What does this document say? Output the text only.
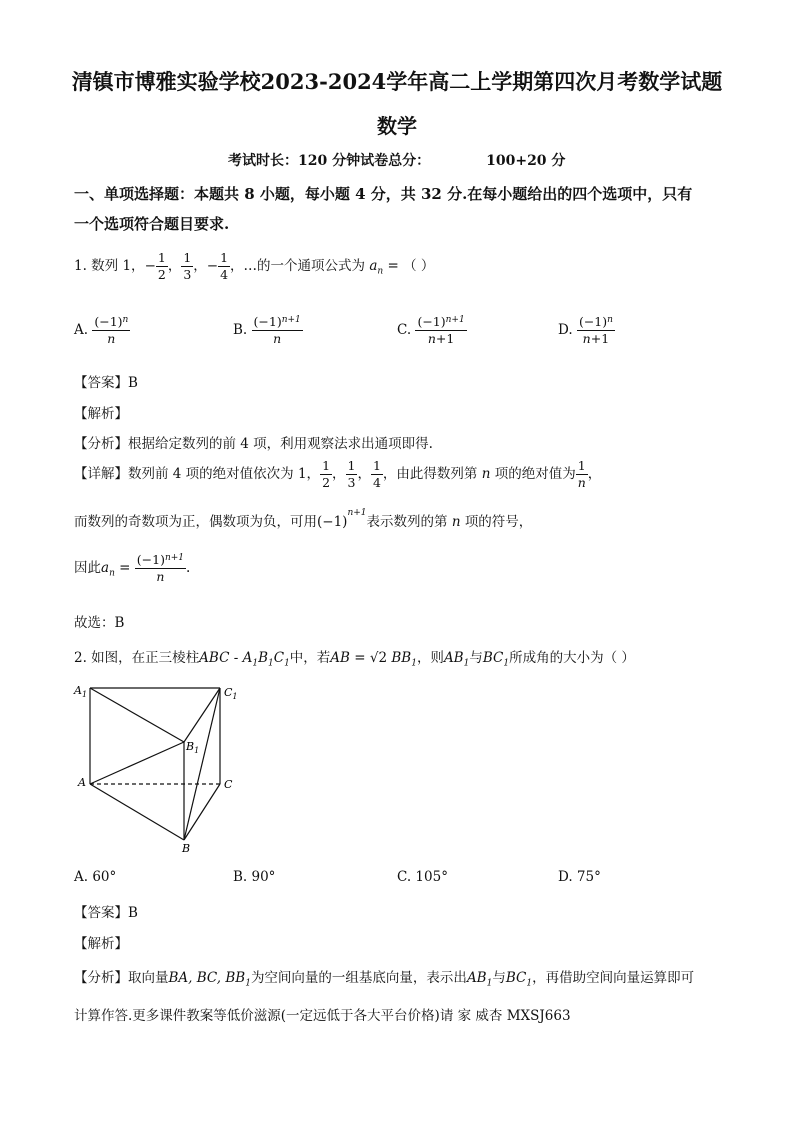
清镇市博雅实验学校2023-2024学年高二上学期第四次月考数学试题
数学
考试时长：120 分钟试卷总分：	100+20 分
一、单项选择题：本题共 8 小题，每小题 4 分，共 32 分.在每小题给出的四个选项中，只有
一个选项符合题目要求.
1. 数列 1，− $\frac{1}{2}$ ， $\frac{1}{3}$ ，− $\frac{1}{4}$ ，…的一个通项公式为 $a_n$ = （ ）
A. $\frac{(-1)^n}{n}$	B. $\frac{(-1)^{n+1}}{n}$	C. $\frac{(-1)^{n+1}}{n+1}$	D. $\frac{(-1)^n}{n+1}$
【答案】B
【解析】
【分析】根据给定数列的前 4 项，利用观察法求出通项即得.
【详解】数列前 4 项的绝对值依次为 1， $\frac{1}{2}$ ， $\frac{1}{3}$ ， $\frac{1}{4}$ ，由此得数列第 n 项的绝对值为 $\frac{1}{n}$ ，
而数列的奇数项为正，偶数项为负，可用$(-1)^{n+1}$表示数列的第 n 项的符号，
因此$a_n = \frac{(-1)^{n+1}}{n}$ .
故选：B
2. 如图，在正三棱柱ABC - $A_1B_1C_1$中，若AB = √2 $BB_1$，则$AB_1$与$BC_1$所成角的大小为（ ）
$A_1$	$C_1$
$B_1$
A	C
B
A. 60°	B. 90°	C. 105°	D. 75°
【答案】B
【解析】
【分析】取向量BA, BC, $BB_1$为空间向量的一组基底向量，表示出$AB_1$与$BC_1$，再借助空间向量运算即可
计算作答.更多课件教案等低价滋源(一定远低于各大平台价格)请 家 威杏 MXSJ663
